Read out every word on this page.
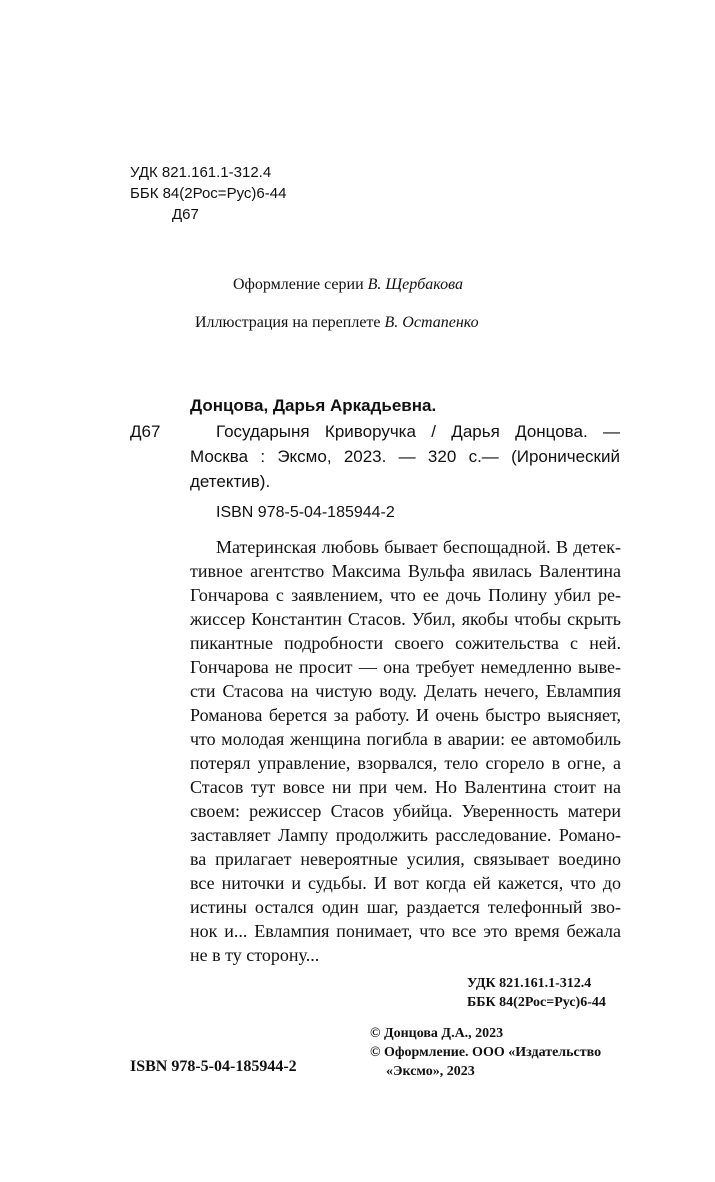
УДК 821.161.1-312.4
ББК 84(2Рос=Рус)6-44
Д67
Оформление серии В. Щербакова
Иллюстрация на переплете В. Остапенко
Донцова, Дарья Аркадьевна.
Д67	Государыня Криворучка / Дарья Донцова. —
Москва : Эксмо, 2023. — 320 с.— (Иронический
детектив).
ISBN 978-5-04-185944-2
Материнская любовь бывает беспощадной. В детек-
тивное агентство Максима Вульфа явилась Валентина
Гончарова с заявлением, что ее дочь Полину убил ре-
жиссер Константин Стасов. Убил, якобы чтобы скрыть
пикантные подробности своего сожительства с ней.
Гончарова не просит — она требует немедленно выве-
сти Стасова на чистую воду. Делать нечего, Евлампия
Романова берется за работу. И очень быстро выясняет,
что молодая женщина погибла в аварии: ее автомобиль
потерял управление, взорвался, тело сгорело в огне, а
Стасов тут вовсе ни при чем. Но Валентина стоит на
своем: режиссер Стасов убийца. Уверенность матери
заставляет Лампу продолжить расследование. Романо-
ва прилагает невероятные усилия, связывает воедино
все ниточки и судьбы. И вот когда ей кажется, что до
истины остался один шаг, раздается телефонный зво-
нок и... Евлампия понимает, что все это время бежала
не в ту сторону...
УДК 821.161.1-312.4
ББК 84(2Рос=Рус)6-44
© Донцова Д.А., 2023
© Оформление. ООО «Издательство
«Эксмо», 2023
ISBN 978-5-04-185944-2
